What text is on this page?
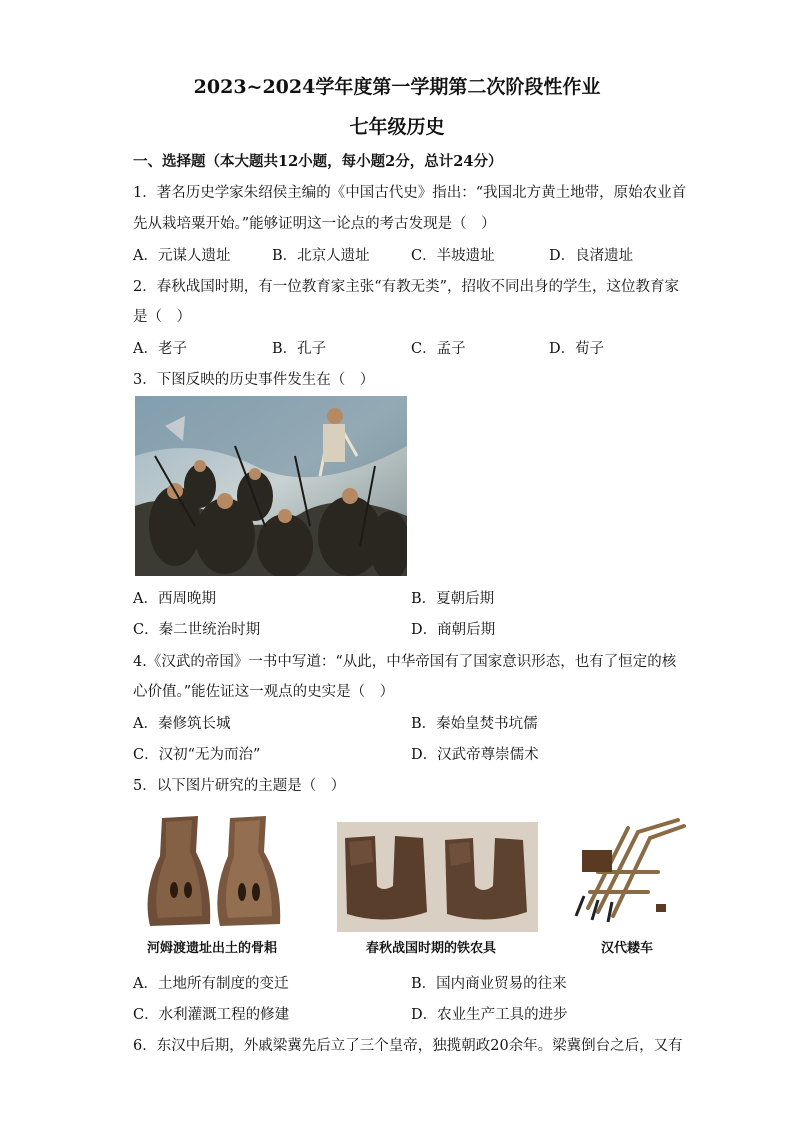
2023~2024学年度第一学期第二次阶段性作业
七年级历史
一、选择题（本大题共12小题，每小题2分，总计24分）
1．著名历史学家朱绍侯主编的《中国古代史》指出：“我国北方黄土地带，原始农业首
先从栽培粟开始。”能够证明这一论点的考古发现是（　）
A．元谋人遗址	B．北京人遗址	C．半坡遗址	D．良渚遗址
2．春秋战国时期，有一位教育家主张“有教无类”，招收不同出身的学生，这位教育家
是（　）
A．老子	B．孔子	C．孟子	D．荀子
3．下图反映的历史事件发生在（　）
A．西周晚期	B．夏朝后期
C．秦二世统治时期	D．商朝后期
4.《汉武的帝国》一书中写道：“从此，中华帝国有了国家意识形态，也有了恒定的核
心价值。”能佐证这一观点的史实是（　）
A．秦修筑长城	B．秦始皇焚书坑儒
C．汉初“无为而治”	D．汉武帝尊崇儒术
5．以下图片研究的主题是（　）
河姆渡遗址出土的骨耜	春秋战国时期的铁农具	汉代耧车
A．土地所有制度的变迁	B．国内商业贸易的往来
C．水利灌溉工程的修建	D．农业生产工具的进步
6．东汉中后期，外戚梁冀先后立了三个皇帝，独揽朝政20余年。梁冀倒台之后，又有
